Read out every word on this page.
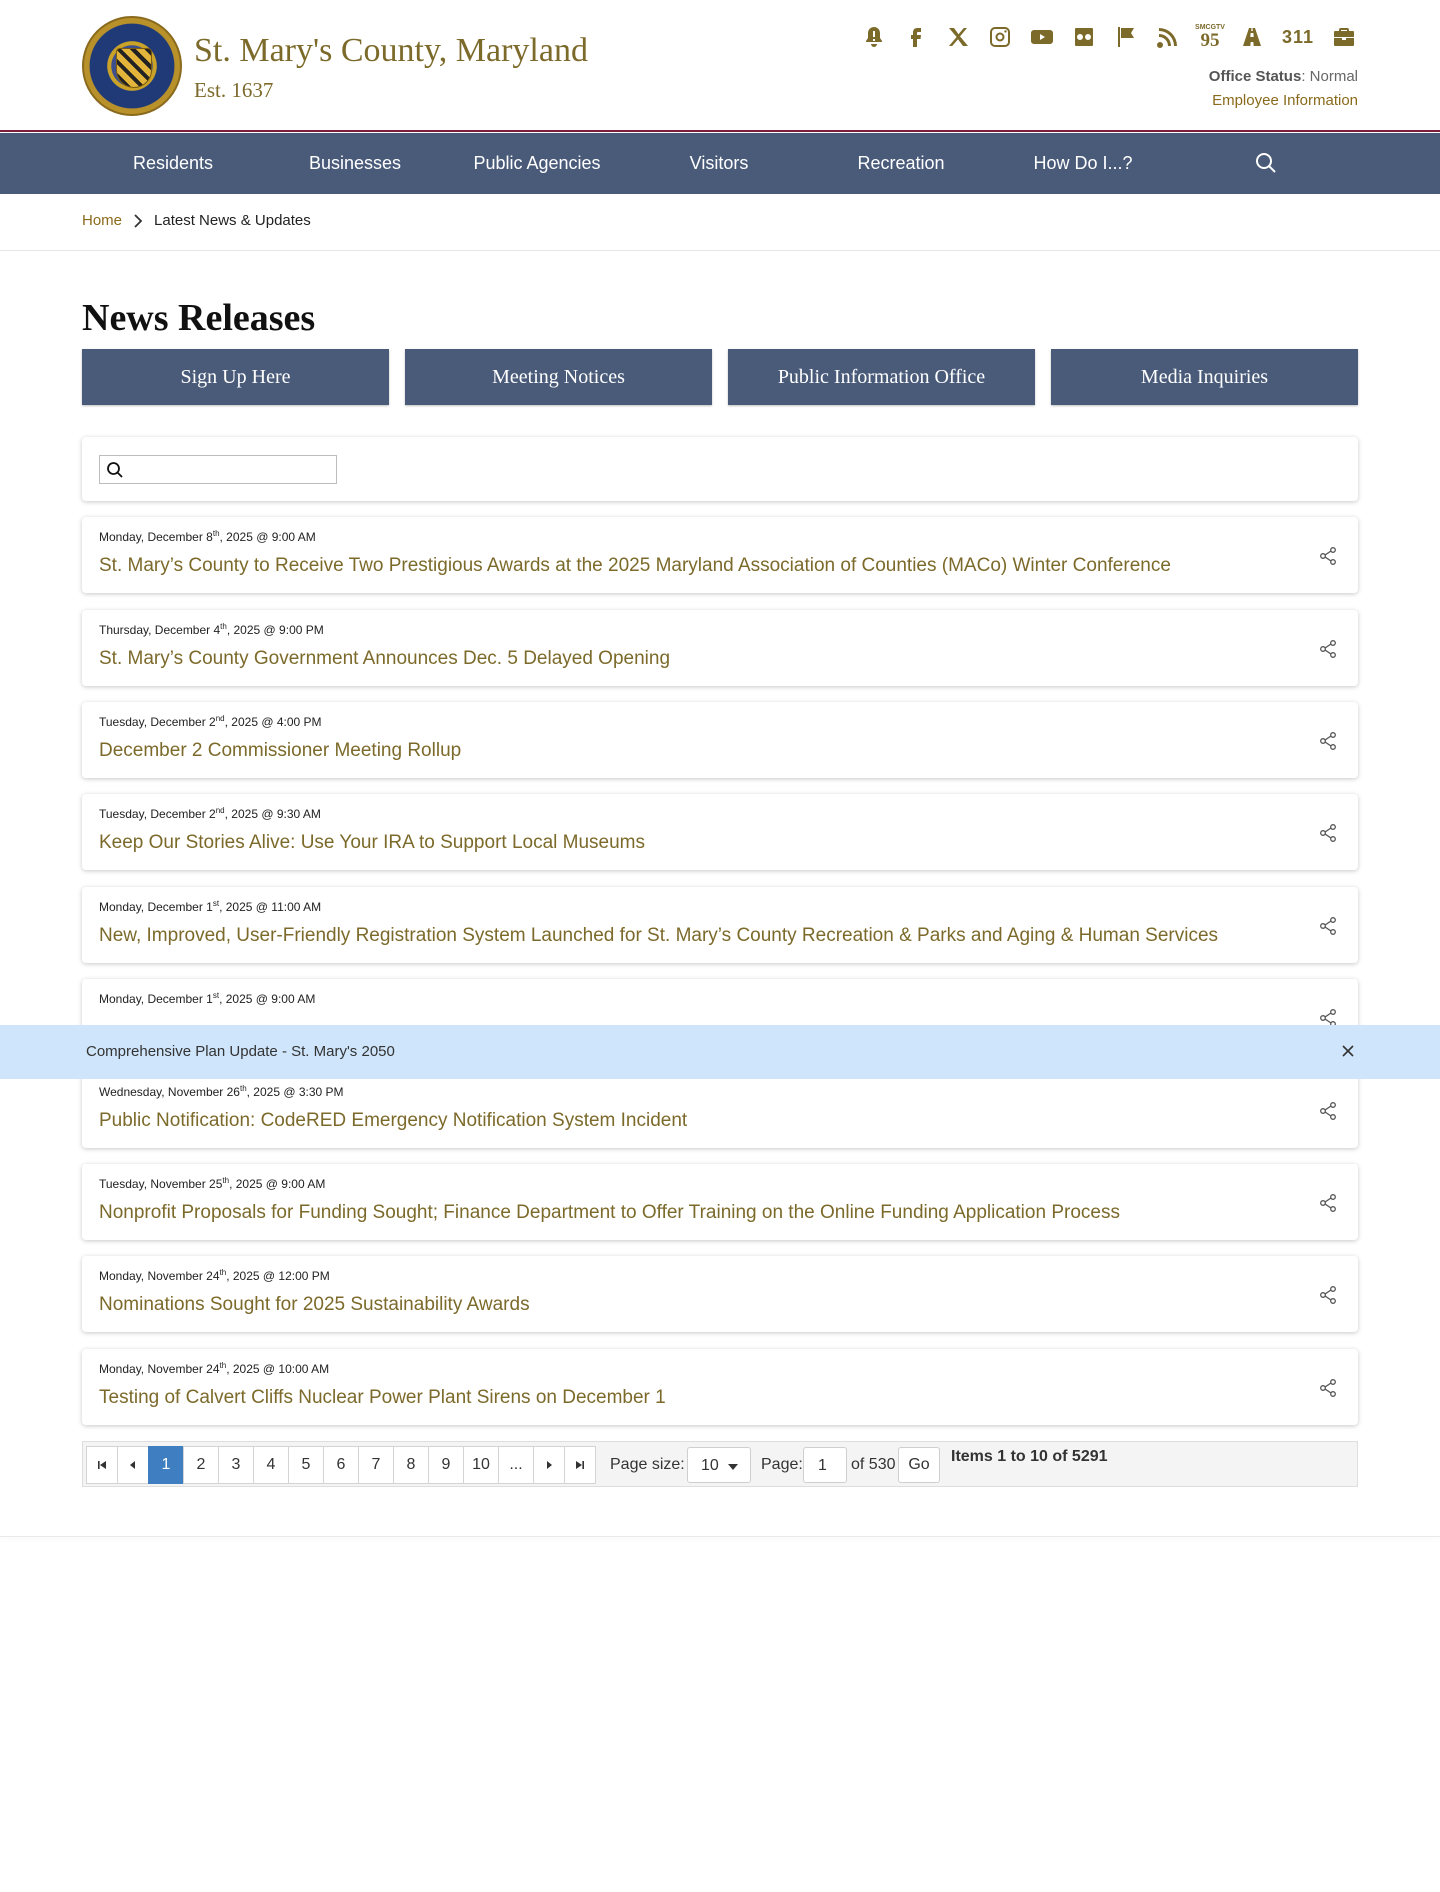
St. Mary's County, Maryland
Est. 1637
SMCGTV
95	311
Office Status: Normal
Employee Information
Residents	Businesses	Public Agencies	Visitors	Recreation	How Do I...?
Home Latest News & Updates
News Releases
Sign Up Here	Meeting Notices	Public Information Office	Media Inquiries
Monday, December 8th, 2025 @ 9:00 AM
St. Mary’s County to Receive Two Prestigious Awards at the 2025 Maryland Association of Counties (MACo) Winter Conference
Thursday, December 4th, 2025 @ 9:00 PM
St. Mary’s County Government Announces Dec. 5 Delayed Opening
Tuesday, December 2nd, 2025 @ 4:00 PM
December 2 Commissioner Meeting Rollup
Tuesday, December 2nd, 2025 @ 9:30 AM
Keep Our Stories Alive: Use Your IRA to Support Local Museums
Monday, December 1st, 2025 @ 11:00 AM
New, Improved, User-Friendly Registration System Launched for St. Mary’s County Recreation & Parks and Aging & Human Services
Monday, December 1st, 2025 @ 9:00 AM
Wednesday, November 26th, 2025 @ 3:30 PM
Public Notification: CodeRED Emergency Notification System Incident
Tuesday, November 25th, 2025 @ 9:00 AM
Nonprofit Proposals for Funding Sought; Finance Department to Offer Training on the Online Funding Application Process
Monday, November 24th, 2025 @ 12:00 PM
Nominations Sought for 2025 Sustainability Awards
Monday, November 24th, 2025 @ 10:00 AM
Testing of Calvert Cliffs Nuclear Power Plant Sirens on December 1
Comprehensive Plan Update - St. Mary's 2050
1	2	3	4	5	6	7	8	9	10	...	Page size:	10	Page: 1	of 530 Go	Items 1 to 10 of 5291
